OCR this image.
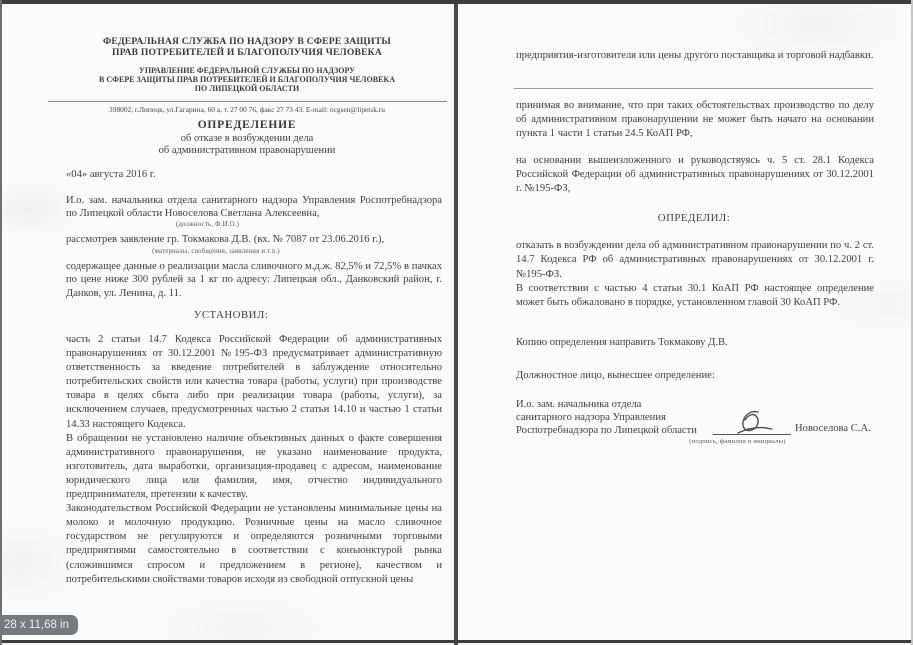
ФЕДЕРАЛЬНАЯ СЛУЖБА ПО НАДЗОРУ В СФЕРЕ ЗАЩИТЫ
ПРАВ ПОТРЕБИТЕЛЕЙ И БЛАГОПОЛУЧИЯ ЧЕЛОВЕКА
УПРАВЛЕНИЕ ФЕДЕРАЛЬНОЙ СЛУЖБЫ ПО НАДЗОРУ
В СФЕРЕ ЗАЩИТЫ ПРАВ ПОТРЕБИТЕЛЕЙ И БЛАГОПОЛУЧИЯ ЧЕЛОВЕКА
ПО ЛИПЕЦКОЙ ОБЛАСТИ
398002, г.Липецк, ул.Гагарина, 60 а, т. 27 00 76, факс 27 73 43. E-mail: ocgsen@lipetsk.ru
ОПРЕДЕЛЕНИЕ
об отказе в возбуждении дела
об административном правонарушении
«04» августа 2016 г.
И.о. зам. начальника отдела санитарного надзора Управления Роспотребнадзора по Липецкой области Новоселова Светлана Алексеевна,
(должность, Ф.И.О.)
рассмотрев заявление гр. Токмакова Д.В. (вх. № 7087 от 23.06.2016 г.),
(материалы, сообщения, заявления и т.п.)
содержащее данные о реализации масла сливочного м.д.ж. 82,5% и 72,5% в пачках по цене ниже 300 рублей за 1 кг по адресу: Липецкая обл., Данковский район, г. Данков, ул. Ленина, д. 11.
УСТАНОВИЛ:

часть 2 статьи 14.7 Кодекса Российской Федерации об административных правонарушениях от 30.12.2001 №195-ФЗ предусматривает административную ответственность за введение потребителей в заблуждение относительно потребительских свойств или качества товара (работы, услуги) при производстве товара в целях сбыта либо при реализации товара (работы, услуги), за исключением случаев, предусмотренных частью 2 статьи 14.10 и частью 1 статьи 14.33 настоящего Кодекса.

В обращении не установлено наличие объективных данных о факте совершения административного правонарушения, не указано наименование продукта, изготовитель, дата выработки, организация-продавец с адресом, наименование юридического лица или фамилия, имя, отчество индивидуального предпринимателя, претензии к качеству.

Законодательством Российской Федерации не установлены минимальные цены на молоко и молочную продукцию. Розничные цены на масло сливочное государством не регулируются и определяются розничными торговыми предприятиями самостоятельно в соответствии с конъюнктурой рынка (сложившимся спросом и предложением в регионе), качеством и потребительскими свойствами товаров исходя из свободной отпускной цены

предприятия-изготовителя или цены другого поставщика и торговой надбавки.
принимая во внимание, что при таких обстоятельствах производство по делу об административном правонарушении не может быть начато на основании пункта 1 части 1 статьи 24.5 КоАП РФ,
на основании вышеизложенного и руководствуясь ч. 5 ст. 28.1 Кодекса Российской Федерации об административных правонарушениях от 30.12.2001 г. №195-ФЗ,
ОПРЕДЕЛИЛ:

отказать в возбуждении дела об административном правонарушении по ч. 2 ст. 14.7 Кодекса РФ об административных правонарушениях от 30.12.2001 г. №195-ФЗ.

В соответствии с частью 4 статьи 30.1 КоАП РФ настоящее определение может быть обжаловано в порядке, установленном главой 30 КоАП РФ.

Копию определения направить Токмакову Д.В.
Должностное лицо, вынесшее определение:
И.о. зам. начальника отдела
санитарного надзора Управления
Роспотребнадзора по Липецкой области	Новоселова С.А.
(подпись, фамилия и инициалы)
28 x 11,68 in
